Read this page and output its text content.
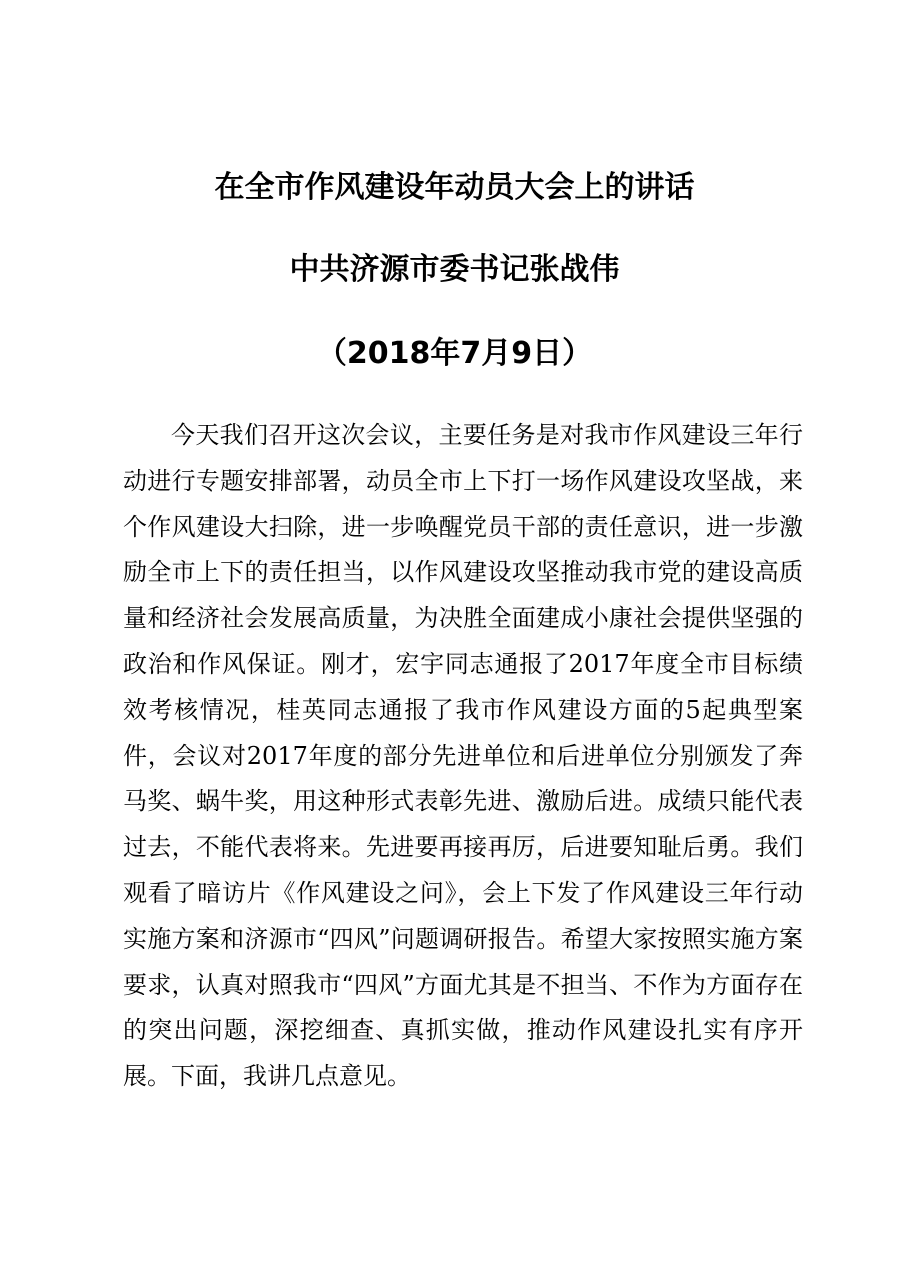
在全市作风建设年动员大会上的讲话
中共济源市委书记张战伟
（2018年7月9日）

今天我们召开这次会议，主要任务是对我市作风建设三年行动进行专题安排部署，动员全市上下打一场作风建设攻坚战，来个作风建设大扫除，进一步唤醒党员干部的责任意识，进一步激励全市上下的责任担当，以作风建设攻坚推动我市党的建设高质量和经济社会发展高质量，为决胜全面建成小康社会提供坚强的政治和作风保证。刚才，宏宇同志通报了2017年度全市目标绩效考核情况，桂英同志通报了我市作风建设方面的5起典型案件，会议对2017年度的部分先进单位和后进单位分别颁发了奔马奖、蜗牛奖，用这种形式表彰先进、激励后进。成绩只能代表过去，不能代表将来。先进要再接再厉，后进要知耻后勇。我们观看了暗访片《作风建设之问》，会上下发了作风建设三年行动实施方案和济源市“四风”问题调研报告。希望大家按照实施方案要求，认真对照我市“四风”方面尤其是不担当、不作为方面存在的突出问题，深挖细查、真抓实做，推动作风建设扎实有序开展。下面，我讲几点意见。
